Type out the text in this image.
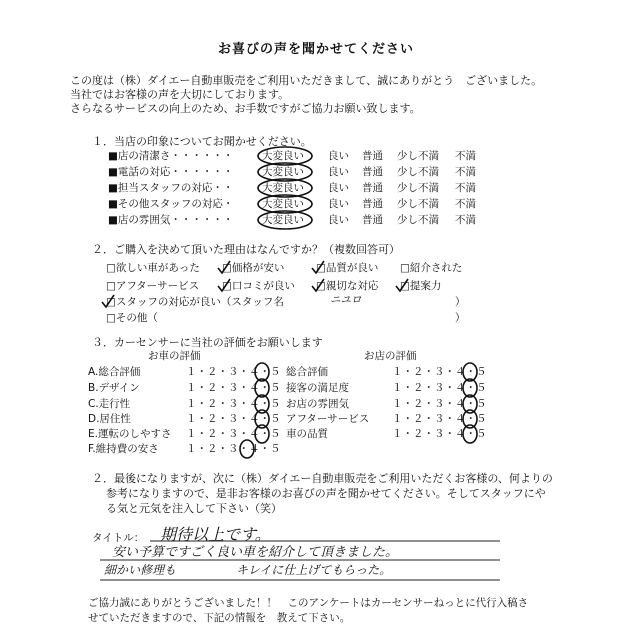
お喜びの声を聞かせてください
この度は（株）ダイエー自動車販売をご利用いただきまして、誠にありがとう　ございました。
当社ではお客様の声を大切にしております。
さらなるサービスの向上のため、お手数ですがご協力お願い致します。
１．当店の印象についてお聞かせください。
■店の清潔さ・・・・・・	大変良い 良い 普通 少し不満 不満
■電話の対応・・・・・・	大変良い 良い 普通 少し不満 不満
■担当スタッフの対応・・	大変良い 良い 普通 少し不満 不満
■その他スタッフの対応・	大変良い 良い 普通 少し不満 不満
■店の雰囲気・・・・・・	大変良い 良い 普通 少し不満 不満
２．ご購入を決めて頂いた理由はなんですか？（複数回答可）
□欲しい車があった □価格が安い	□品質が良い □紹介された
□アフターサービス □口コミが良い □親切な対応 □提案力
□スタッフの対応が良い（スタッフ名	ニユロ	）
□その他（	）
３．カーセンサーに当社の評価をお願いします
お車の評価	お店の評価
A.総合評価	１・２・３・４・５
B.デザイン	１・２・３・４・５
C.走行性	１・２・３・４・５
D.居住性	１・２・３・４・５
E.運転のしやすさ １・２・３・４・５
F.維持費の安さ	１・２・３・４・５
総合評価	１・２・３・４・５
接客の満足度	１・２・３・４・５
お店の雰囲気	１・２・３・４・５
アフターサービス １・２・３・４・５
車の品質	１・２・３・４・５
２．最後になりますが、次に（株）ダイエー自動車販売をご利用いただくお客様の、何よりの
参考になりますので、是非お客様のお喜びの声を聞かせてください。そしてスタッフにや
る気と元気を注入して下さい（笑）
タイトル： 期待以上です。
安い予算ですごく良い車を紹介して頂きました。
細かい修理も	キレイに仕上げてもらった。
ご協力誠にありがとうございました！！　このアンケートはカーセンサーねっとに代行入稿さ
せていただきますので、下記の情報を　教えて下さい。
